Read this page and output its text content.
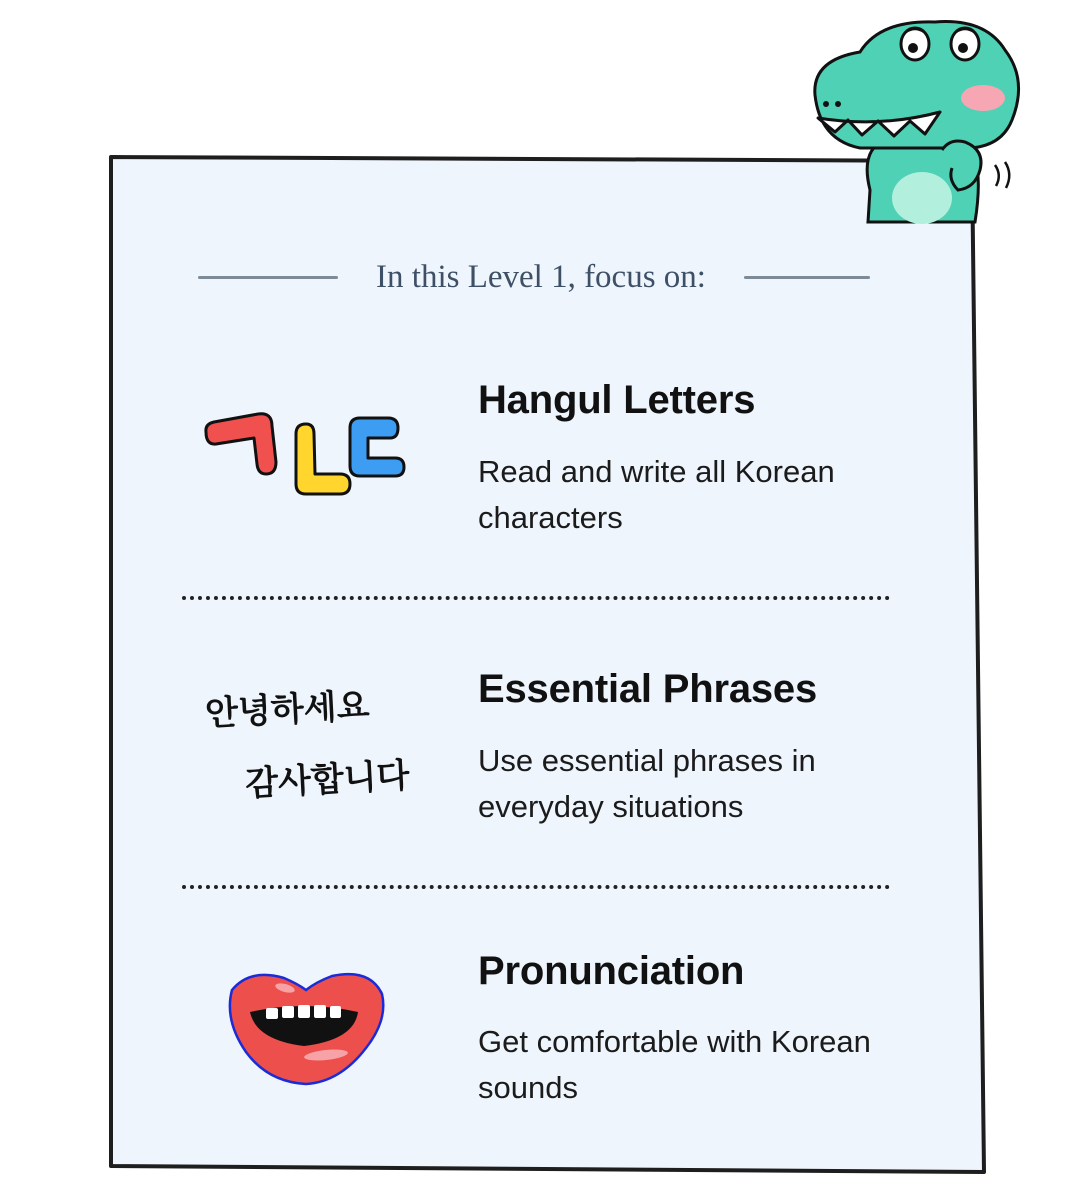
In this Level 1, focus on:
Hangul Letters
Read and write all Korean characters
안녕하세요
감사합니다
Essential Phrases
Use essential phrases in everyday situations
Pronunciation
Get comfortable with Korean sounds
